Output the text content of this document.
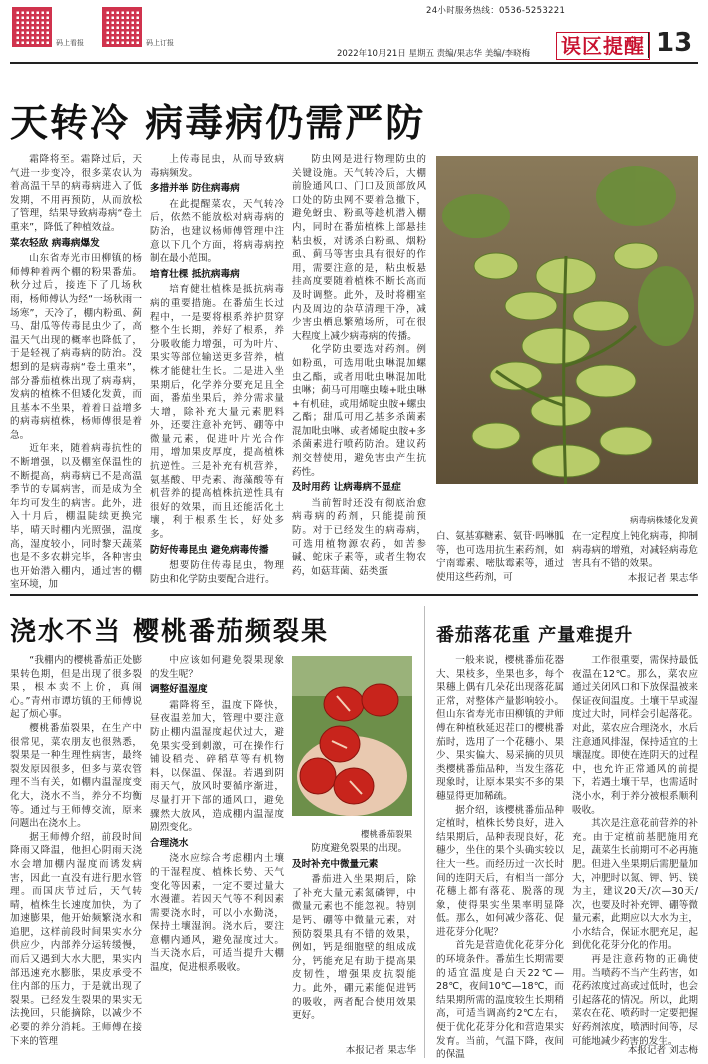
码上看报	码上订报
24小时服务热线：0536-5253221
2022年10月21日 星期五 责编/果志华 美编/李晓梅 误区提醒 13
天转冷 病毒病仍需严防

霜降将至。霜降过后，天气进一步变冷，很多菜农认为着高温干旱的病毒病进入了低发期，不用再预防，从而放松了管理，结果导致病毒病“卷土重来”，降低了种植效益。

菜农轻敌 病毒病爆发

山东省寿光市田柳镇的杨师傅种着两个棚的粉果番茄。秋分过后，接连下了几场秋雨，杨师傅认为经“一场秋雨一场寒”，天冷了，棚内粉虱、蓟马、甜瓜等传毒昆虫少了，高温天气出现的概率也降低了，于是轻视了病毒病的防治。没想到的是病毒病“卷土重来”，部分番茄植株出现了病毒病，发病的植株不但矮化发黄，而且基本不坐果，着着日益增多的病毒病植株，杨师傅很是着急。

近年来，随着病毒抗性的不断增强，以及棚室保温性的不断提高，病毒病已不是高温季节的专属病害，而是成为全年均可发生的病害。此外，进入十月后，棚温陡续更换完毕，晴天时棚内光照强，温度高，湿度较小，同时黎天蔬菜也是不多农耕完毕，各种害虫也开始潜入棚内，通过害的棚室环境，加

上传毒昆虫，从而导致病毒病频发。

多措并举 防住病毒病

在此提醒菜农，天气转冷后，依然不能放松对病毒病的防治，也建议杨师傅管理中注意以下几个方面，将病毒病控制在最小范围。

培育壮棵 抵抗病毒病

培育健壮植株是抵抗病毒病的重要措施。在番茄生长过程中，一是要将根系养护贯穿整个生长期，养好了根系，养分吸收能力增强，可为叶片、果实等部位输送更多营养，植株才能健壮生长。二是进入坐果期后，化学养分要充足且全面，番茄坐果后，养分需求量大增，除补充大量元素肥料外，还要注意补充钙、硼等中微量元素，促进叶片光合作用，增加果皮厚度，提高植株抗逆性。三是补充有机营养，氨基酸、甲壳素、海藻酸等有机营养的提高植株抗逆性具有很好的效果，而且还能活化土壤，利于根系生长，好处多多。

防好传毒昆虫 避免病毒传播

想要防住传毒昆虫，物理防虫和化学防虫要配合进行。

防虫网是进行物理防虫的关键设施。天气转冷后，大棚前脸通风口、门口及顶部放风口处的防虫网不要着急撤下，避免蚜虫、粉虱等趁机潜入棚内，同时在番茄植株上部悬挂粘虫板，对诱杀白粉虱、烟粉虱、蓟马等害虫具有很好的作用，需要注意的是，粘虫板悬挂高度要随着植株不断长高而及时调整。此外，及时将棚室内及周边的杂草清理干净，减少害虫栖息繁殖场所，可在很大程度上减少病毒病的传播。

化学防虫要选对药剂。例如粉虱，可选用吡虫啉混加螺虫乙酯，或者用吡虫啉混加吡虫啉；蓟马可用噻虫嗪+吡虫啉+有机硅，或用烯啶虫胺+螺虫乙酯；甜瓜可用乙基多杀菌素混加吡虫啉、或者烯啶虫胺+多杀菌素进行喷药防治。建议药剂交替使用，避免害虫产生抗药性。

及时用药 让病毒病不显症

当前暂时还没有彻底治愈病毒病的药剂，只能提前预防。对于已经发生的病毒病，可选用植物源农药，如苦参碱、蛇床子素等，或者生物农药，如菇茸菌、菇类蛋

病毒病株矮化发黄

白、氨基寡糖素、氨苷·吗啉胍等，也可选用抗生素药剂，如宁南霉素、嘧肽霉素等，通过使用这些药剂，可

在一定程度上钝化病毒，抑制病毒病的增殖，对减轻病毒危害具有不错的效果。

本报记者 果志华
浇水不当 樱桃番茄频裂果

“我棚内的樱桃番茄正处膨果转色期，但是出现了很多裂果，根本卖不上价，真闹心。”青州市谭坊镇的王师傅说起了烦心事。

樱桃番茄裂果，在生产中很常见，菜农朋友也很熟悉，裂果是一种生理性病害，最终裂发原因很多，但多与菜农管理不当有关，如棚内温湿度变化大，浇水不当，养分不均衡等。通过与王师傅交流，原来问题出在浇水上。

据王师傅介绍，前段时间降雨又降温，他担心阴雨天浇水会增加棚内湿度而诱发病害，因此一直没有进行肥水管理。而国庆节过后，天气转晴，植株生长速度加快，为了加速膨果，他开始频繁浇水和追肥，这样前段时间果实水分供应少，内部养分运转缓慢，而后又遇到大水大肥，果实内部迅速充水膨胀，果皮承受不住内部的压力，于是就出现了裂果。已经发生裂果的果实无法挽回，只能摘除，以减少不必要的养分消耗。王师傅在接下来的管理

中应该如何避免裂果现象的发生呢？

调整好温湿度

霜降将至，温度下降快，昼夜温差加大，管理中要注意防止棚内温湿度起伏过大，避免果实受到刺激，可在操作行铺设稻壳、碎稻草等有机物料，以保温、保湿。若遇到阴雨天气，放风时要循序渐进，尽量打开下部的通风口，避免骤然大放风，造成棚内温湿度剧烈变化。

合理浇水

浇水应综合考虑棚内土壤的干湿程度、植株长势、天气变化等因素，一定不要过量大水漫灌。若因天气等不利因素需要浇水时，可以小水勤浇，保持土壤湿润。浇水后，要注意棚内通风，避免湿度过大。当天浇水后，可适当提升大棚温度，促进根系吸收。

樱桃番茄裂果

防度避免裂果的出现。

及时补充中微量元素

番茄进入坐果期后，除了补充大量元素氮磷钾，中微量元素也不能忽视。特别是钙、硼等中微量元素，对预防裂果具有不错的效果，例如，钙是细胞壁的组成成分，钙能充足有助于提高果皮韧性，增强果皮抗裂能力。此外，硼元素能促进钙的吸收，两者配合使用效果更好。

本报记者 果志华
番茄落花重 产量难提升

一般来说，樱桃番茄花器大、果枝多，坐果也多，每个果穗上偶有几朵花出现落花属正常，对整体产量影响较小。但山东省寿光市田柳镇的尹师傅在种植秋延迟茬口的樱桃番茄时，选用了一个花穗小、果少、果实偏大、易采摘的贝贝类樱桃番茄品种，当发生落花现象时，让原本果实不多的果穗显得更加稀疏。

据介绍，该樱桃番茄品种定植时，植株长势良好，进入结果期后，品种表现良好，花穗少，坐住的果个头确实较以往大一些。而经历过一次长时间的连阴天后，有相当一部分花穗上都有落花、脱落的现象，使得果实坐果率明显降低。那么，如何减少落花、促进花芽分化呢？

首先是营造优化花芽分化的环境条件。番茄生长期需要的适宜温度是白天22℃—28℃，夜间10℃—18℃，而结果期所需的温度较生长期稍高，可适当调高约2℃左右，便于优化花芽分化和营造果实发育。当前，气温下降，夜间的保温

工作很重要，需保持最低夜温在12℃。那么，菜农应通过关闭风口和下放保温被来保证夜间温度。土壤干旱或湿度过大时，同样会引起落花。对此，菜农应合理浇水，水后注意通风排湿，保持适宜的土壤湿度。即使在连阴天的过程中，也允许正常通风的前提下，若遇土壤干旱，也需适时浇小水，利于养分被根系顺利吸收。

其次是注意花前营养的补充。由于定植前基肥施用充足，蔬菜生长前期可不必再施肥。但进入坐果期后需肥量加大，冲肥时以氮、钾、钙、镁为主，建议20天/次—30天/次，也要及时补充钾、硼等微量元素，此期应以大水为主，小水结合，保证水肥充足，起到优化花芽分化的作用。

再是注意药物的正确使用。当喷药不当产生药害，如花药浓度过高或过低时，也会引起落花的情况。所以，此期菜农在花、喷药时一定要把握好药剂浓度，喷洒时间等，尽可能地减少药害的发生。

本报记者 刘志梅
